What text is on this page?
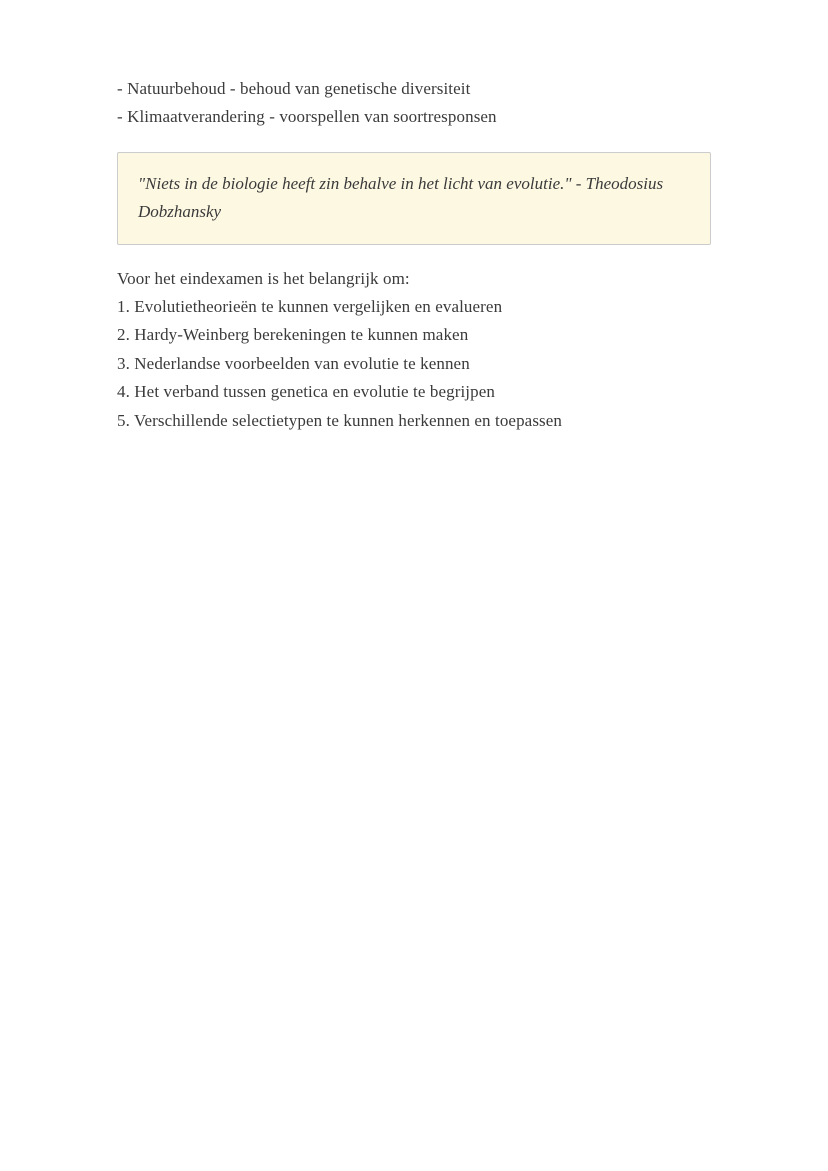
- Natuurbehoud - behoud van genetische diversiteit

- Klimaatverandering - voorspellen van soortresponsen

"Niets in de biologie heeft zin behalve in het licht van evolutie." - Theodosius Dobzhansky

Voor het eindexamen is het belangrijk om:

1. Evolutietheorieën te kunnen vergelijken en evalueren

2. Hardy-Weinberg berekeningen te kunnen maken

3. Nederlandse voorbeelden van evolutie te kennen

4. Het verband tussen genetica en evolutie te begrijpen

5. Verschillende selectietypen te kunnen herkennen en toepassen
